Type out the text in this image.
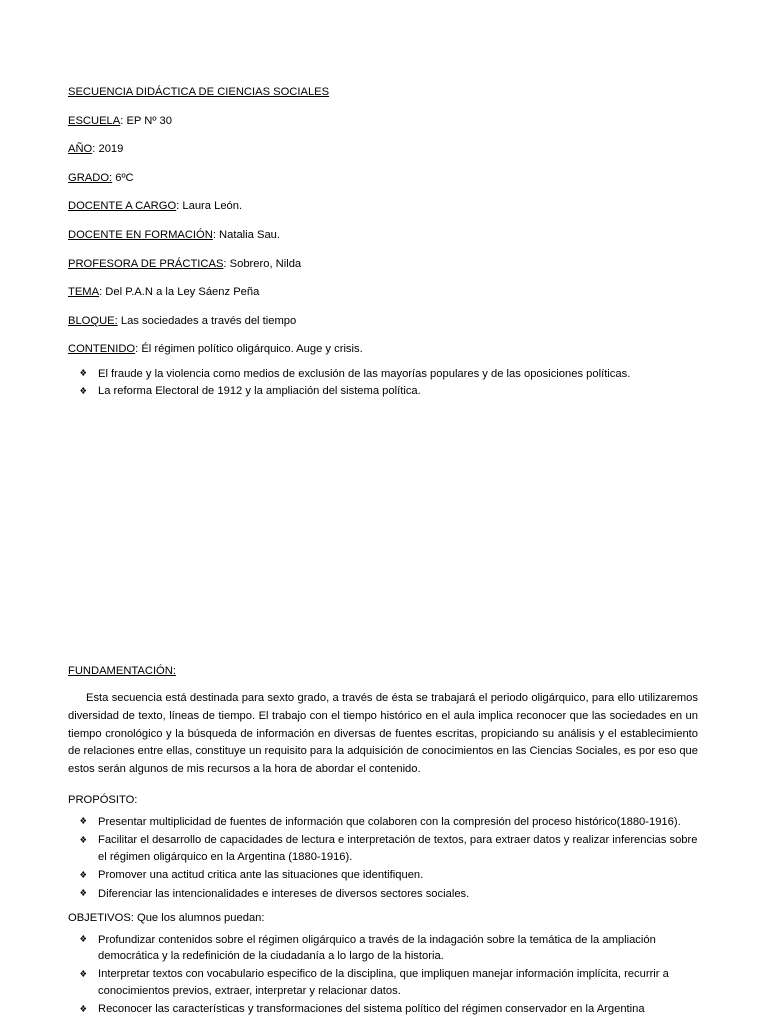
SECUENCIA DIDÁCTICA DE CIENCIAS SOCIALES
ESCUELA: EP Nº 30
AÑO: 2019
GRADO: 6ºC
DOCENTE A CARGO: Laura León.
DOCENTE EN FORMACIÓN: Natalia Sau.
PROFESORA DE PRÁCTICAS: Sobrero, Nilda
TEMA: Del P.A.N a la Ley Sáenz Peña
BLOQUE: Las sociedades a través del tiempo
CONTENIDO: Él régimen político oligárquico. Auge y crisis.
❖ El fraude y la violencia como medios de exclusión de las mayorías populares y de las oposiciones políticas.
❖ La reforma Electoral de 1912 y la ampliación del sistema política.
FUNDAMENTACIÓN:

Esta secuencia está destinada para sexto grado, a través de ésta se trabajará el periodo oligárquico, para ello utilizaremos diversidad de texto, líneas de tiempo. El trabajo con el tiempo histórico en el aula implica reconocer que las sociedades en un tiempo cronológico y la búsqueda de información en diversas de fuentes escritas, propiciando su análisis y el establecimiento de relaciones entre ellas, constituye un requisito para la adquisición de conocimientos en las Ciencias Sociales, es por eso que estos serán algunos de mis recursos a la hora de abordar el contenido.

PROPÓSITO:
❖ Presentar multiplicidad de fuentes de información que colaboren con la compresión del proceso histórico(1880-1916).
❖ Facilitar el desarrollo de capacidades de lectura e interpretación de textos, para extraer datos y realizar inferencias sobre el régimen oligárquico en la Argentina (1880-1916).
❖ Promover una actitud critica ante las situaciones que identifiquen.
❖ Diferenciar las intencionalidades e intereses de diversos sectores sociales.
OBJETIVOS: Que los alumnos puedan:
❖ Profundizar contenidos sobre el régimen oligárquico a través de la indagación sobre la temática de la ampliación democrática y la redefinición de la ciudadanía a lo largo de la historia.
❖ Interpretar textos con vocabulario especifico de la disciplina, que impliquen manejar información implícita, recurrir a conocimientos previos, extraer, interpretar y relacionar datos.
❖ Reconocer las características y transformaciones del sistema político del régimen conservador en la Argentina
